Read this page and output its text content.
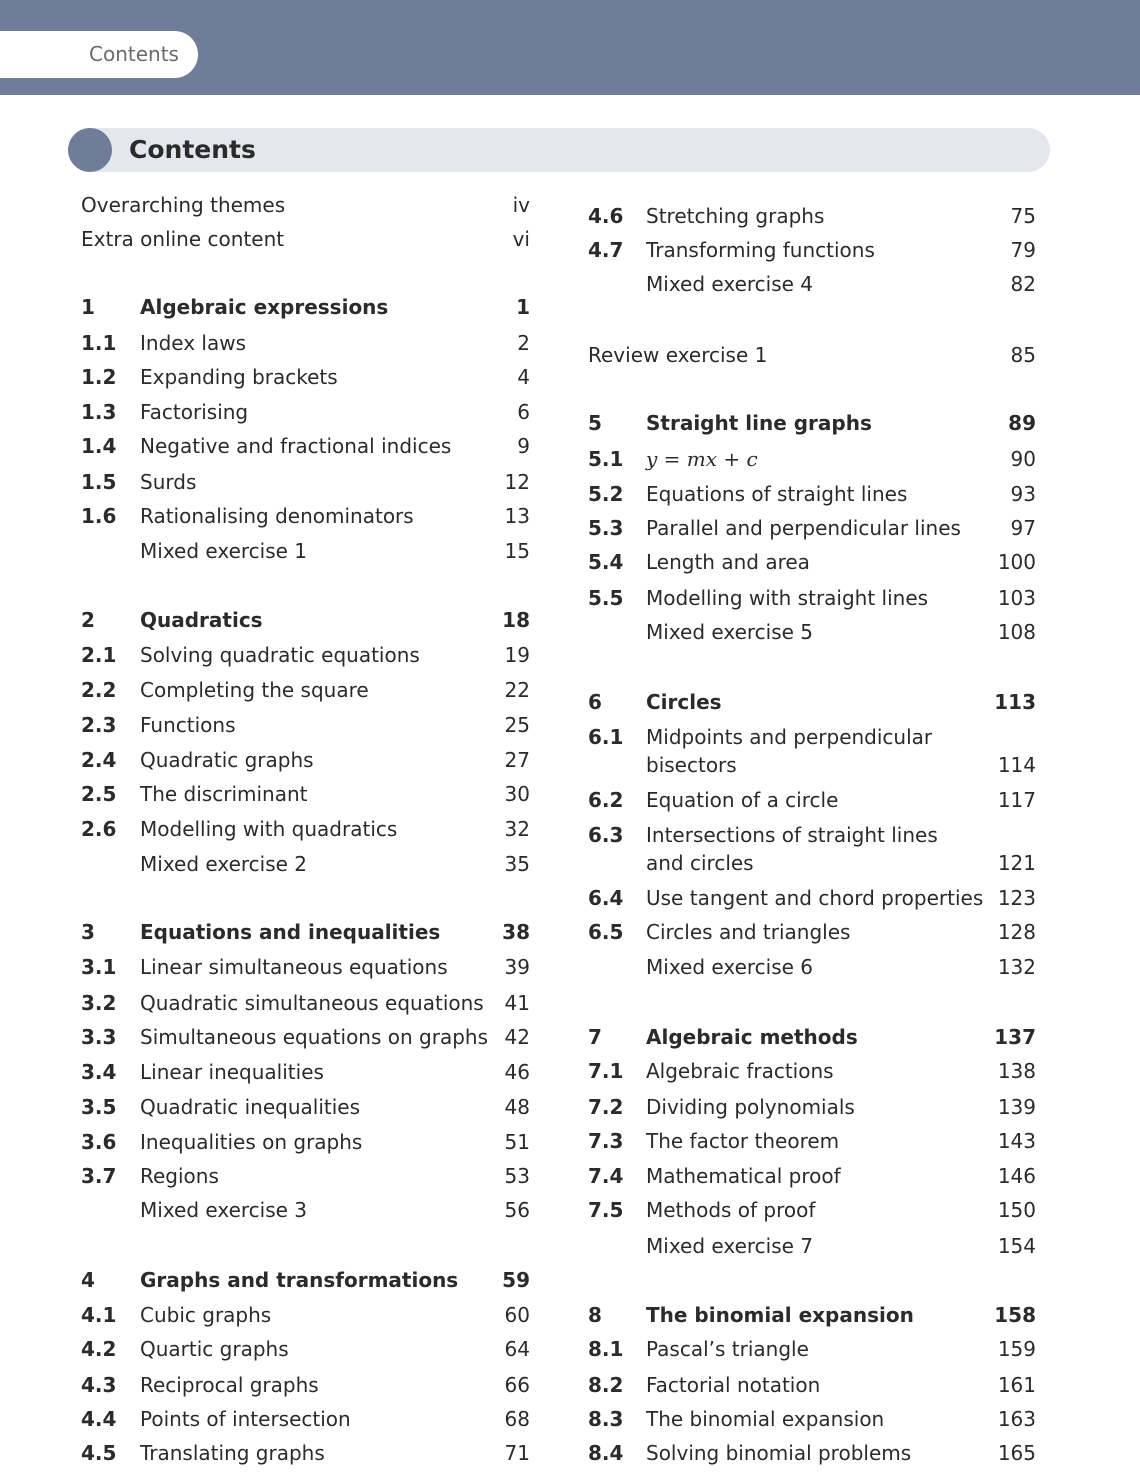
Contents
Contents
Overarching themes	iv
Extra online content	vi
1 Algebraic expressions	1
1.1 Index laws	2
1.2 Expanding brackets	4
1.3 Factorising	6
1.4 Negative and fractional indices	9
1.5 Surds	12
1.6 Rationalising denominators	13
Mixed exercise 1	15
2 Quadratics	18
2.1 Solving quadratic equations	19
2.2 Completing the square	22
2.3 Functions	25
2.4 Quadratic graphs	27
2.5 The discriminant	30
2.6 Modelling with quadratics	32
Mixed exercise 2	35
3 Equations and inequalities	38
3.1 Linear simultaneous equations	39
3.2 Quadratic simultaneous equations 41
3.3 Simultaneous equations on graphs 42
3.4 Linear inequalities	46
3.5 Quadratic inequalities	48
3.6 Inequalities on graphs	51
3.7 Regions	53
Mixed exercise 3	56
4 Graphs and transformations 59
4.1 Cubic graphs	60
4.2 Quartic graphs	64
4.3 Reciprocal graphs	66
4.4 Points of intersection	68
4.5 Translating graphs	71
4.6 Stretching graphs	75
4.7 Transforming functions	79
Mixed exercise 4	82
Review exercise 1	85
5 Straight line graphs	89
5.1 y = mx + c	90
5.2 Equations of straight lines	93
5.3 Parallel and perpendicular lines 97
5.4 Length and area	100
5.5 Modelling with straight lines	103
Mixed exercise 5	108
6 Circles	113
6.1 Midpoints and perpendicular
bisectors	114
6.2 Equation of a circle	117
6.3 Intersections of straight lines
and circles	121
6.4 Use tangent and chord properties 123
6.5 Circles and triangles	128
Mixed exercise 6	132
7 Algebraic methods	137
7.1 Algebraic fractions	138
7.2 Dividing polynomials	139
7.3 The factor theorem	143
7.4 Mathematical proof	146
7.5 Methods of proof	150
Mixed exercise 7	154
8 The binomial expansion	158
8.1 Pascal’s triangle	159
8.2 Factorial notation	161
8.3 The binomial expansion	163
8.4 Solving binomial problems	165
